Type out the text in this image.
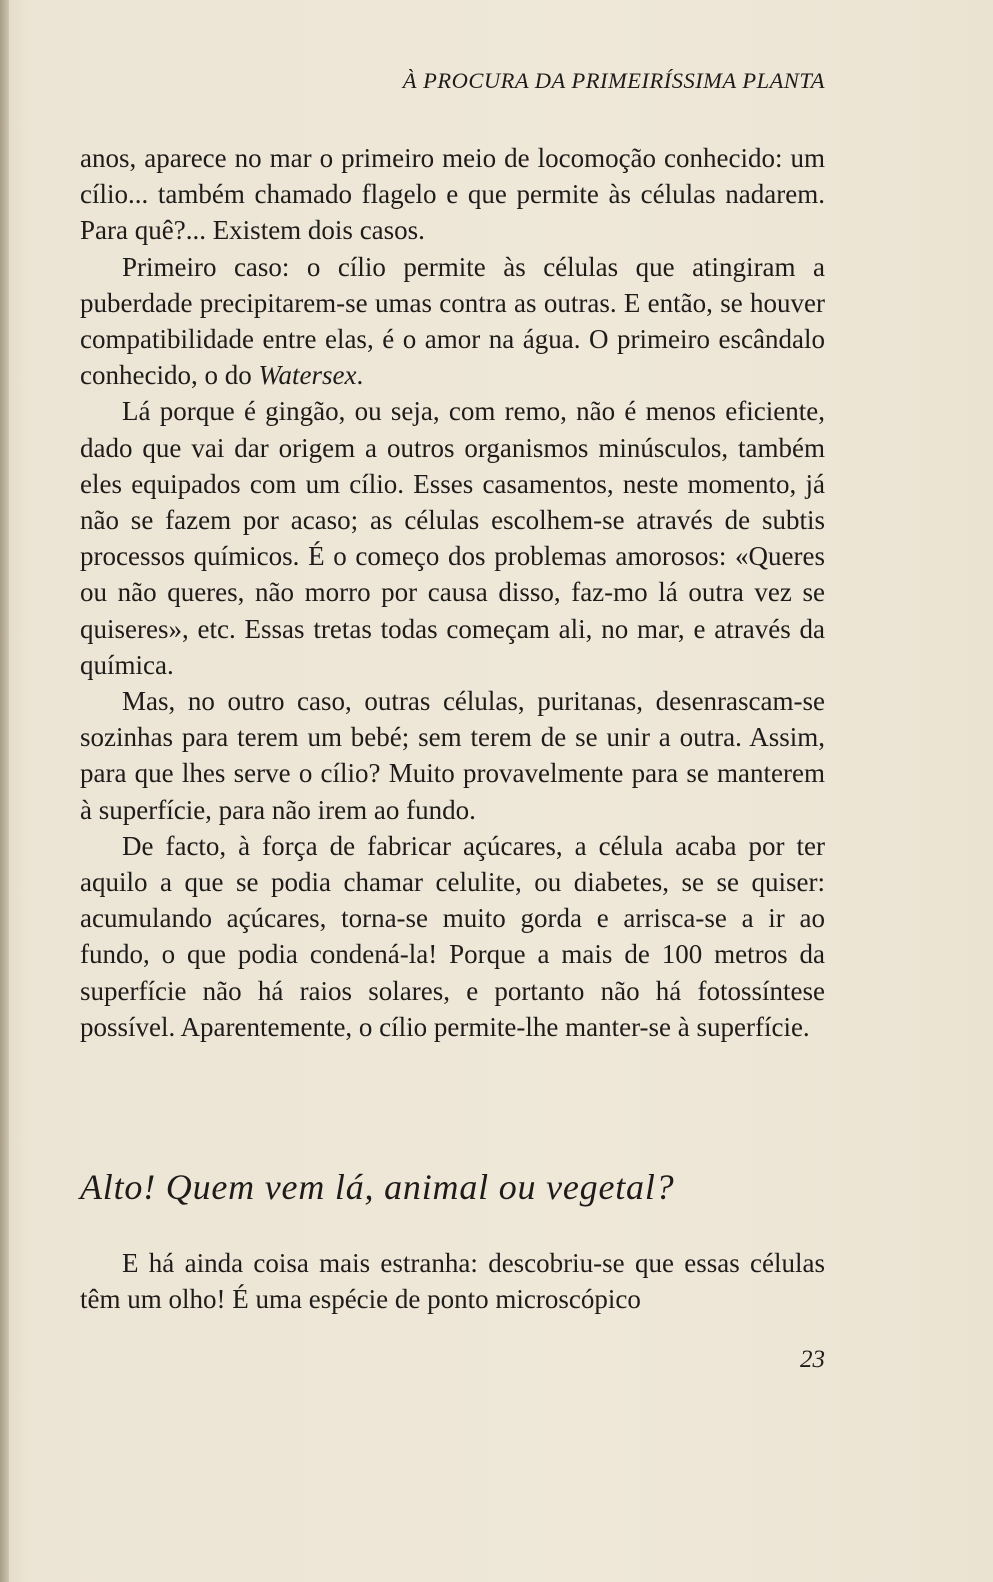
À PROCURA DA PRIMEIRÍSSIMA PLANTA

anos, aparece no mar o primeiro meio de locomoção conhecido: um cílio... também chamado flagelo e que permite às células nadarem. Para quê?... Existem dois casos.

Primeiro caso: o cílio permite às células que atingiram a puberdade precipitarem-se umas contra as outras. E então, se houver compatibilidade entre elas, é o amor na água. O primeiro escândalo conhecido, o do Watersex.

Lá porque é gingão, ou seja, com remo, não é menos eficiente, dado que vai dar origem a outros organismos minúsculos, também eles equipados com um cílio. Esses casamentos, neste momento, já não se fazem por acaso; as células escolhem-se através de subtis processos químicos. É o começo dos problemas amorosos: «Queres ou não queres, não morro por causa disso, faz-mo lá outra vez se quiseres», etc. Essas tretas todas começam ali, no mar, e através da química.

Mas, no outro caso, outras células, puritanas, desenrascam-se sozinhas para terem um bebé; sem terem de se unir a outra. Assim, para que lhes serve o cílio? Muito provavelmente para se manterem à superfície, para não irem ao fundo.

De facto, à força de fabricar açúcares, a célula acaba por ter aquilo a que se podia chamar celulite, ou diabetes, se se quiser: acumulando açúcares, torna-se muito gorda e arrisca-se a ir ao fundo, o que podia condená-la! Porque a mais de 100 metros da superfície não há raios solares, e portanto não há fotossíntese possível. Aparentemente, o cílio permite-lhe manter-se à superfície.

Alto! Quem vem lá, animal ou vegetal?

E há ainda coisa mais estranha: descobriu-se que essas células têm um olho! É uma espécie de ponto microscópico

23
